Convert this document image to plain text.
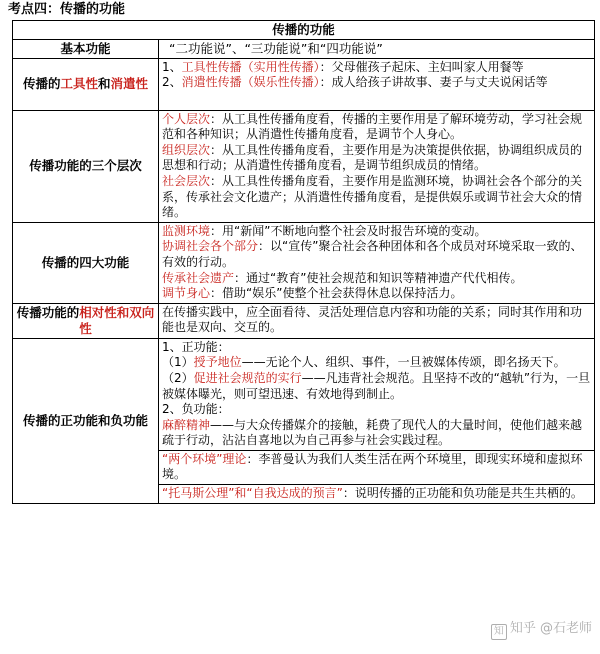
考点四：传播的功能
传播的功能	
基本功能	“二功能说”、“三功能说”和“四功能说”
传播的工具性和消遣性	1、工具性传播（实用性传播）：父母催孩子起床、主妇叫家人用餐等
2、消遣性传播（娱乐性传播）：成人给孩子讲故事、妻子与丈夫说闲话等

传播功能的三个层次	个人层次：从工具性传播角度看，传播的主要作用是了解环境劳动，学习社会规范和各种知识；从消遣性传播角度看，是调节个人身心。
组织层次：从工具性传播角度看，主要作用是为决策提供依据，协调组织成员的思想和行动；从消遣性传播角度看，是调节组织成员的情绪。
社会层次：从工具性传播角度看，主要作用是监测环境，协调社会各个部分的关系，传承社会文化遗产；从消遣性传播角度看，是提供娱乐或调节社会大众的情绪。

传播的四大功能	监测环境：用“新闻”不断地向整个社会及时报告环境的变动。
协调社会各个部分：以“宣传”聚合社会各种团体和各个成员对环境采取一致的、有效的行动。
传承社会遗产：通过“教育”使社会规范和知识等精神遗产代代相传。
调节身心：借助“娱乐”使整个社会获得休息以保持活力。

传播功能的相对性和双向性	在传播实践中，应全面看待、灵活处理信息内容和功能的关系；同时其作用和功能也是双向、交互的。
传播的正功能和负功能	1、正功能：
（1）授予地位——无论个人、组织、事件，一旦被媒体传颂，即名扬天下。
（2）促进社会规范的实行——凡违背社会规范。且坚持不改的“越轨”行为，一旦被媒体曝光，则可望迅速、有效地得到制止。
2、负功能：
麻醉精神——与大众传播媒介的接触，耗费了现代人的大量时间，使他们越来越疏于行动，沾沾自喜地以为自己再参与社会实践过程。

	“两个环境”理论：李普曼认为我们人类生活在两个环境里，即现实环境和虚拟环境。
	“托马斯公理”和“自我达成的预言”：说明传播的正功能和负功能是共生共栖的。
知 知乎 @石老师
